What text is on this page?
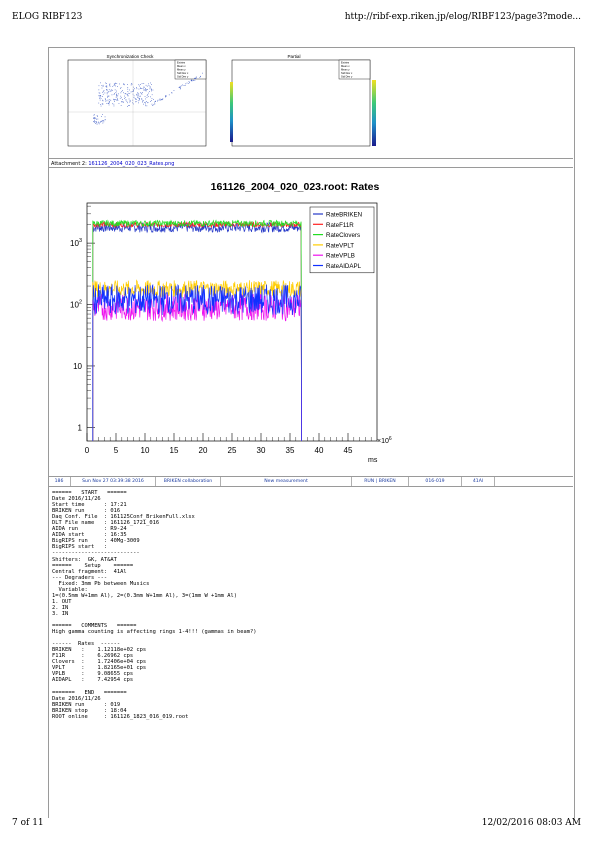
ELOG RIBF123	http://ribf-exp.riken.jp/elog/RIBF123/page3?mode...
Synchronization Check
Entries
Mean x
Mean y
Std Dev x
Std Dev y
Partial
Entries
Mean x
Mean y
Std Dev x
Std Dev y
Attachment 2: 161126_2004_020_023_Rates.png
161126_2004_020_023.root: Rates
1
10
$10^2$
$10^3$
0	5	10	15	20	25	30	35	40	45
RateBRIKEN
RateF11R
RateClovers
RateVPLT
RateVPLB
RateAIDAPL
ms
$\times 10^6$
186	Sun Nov 27 03:39:38 2016	BRIKEN collaboration	New measurement	RUN | BRIKEN	016-019	41Al
======   START   ======
Date 2016/11/26
Start time      : 17:21
BRIKEN run      : 016
Daq Conf. File  : 161125Conf_BrikenFull.xlsx
DLT File name   : 161126_1721_016
AIDA run        : R9-24
AIDA start      : 16:35
BigRIPS run     : 40Mg-3009
BigRIPS start   :
---------------------------
Shifters:  GK, AT&AT
======    Setup    ======
Central fragment:  41Al
--- Degraders ---
Fixed: 3mm Pb between Musics
Variable:
1=(0.5mm W+1mm Al), 2=(0.3mm W+1mm Al), 3=(1mm W +1mm Al)
1. OUT
2. IN
3. IN

======   COMMENTS   ======
High gamma counting is affecting rings 1-4!!! (gammas in beam?)

------  Rates  ------
BRIKEN   :    1.12118e+02 cps
F11R     :    6.26962 cps
Clovers  :    1.72406e+04 cps
VPLT     :    1.82165e+01 cps
VPLB     :    9.08655 cps
AIDAPL   :    7.42954 cps

=======   END   =======
Date 2016/11/26
BRIKEN run      : 019
BRIKEN stop     : 18:04
ROOT online     : 161126_1823_016_019.root
7 of 11	12/02/2016 08:03 AM
